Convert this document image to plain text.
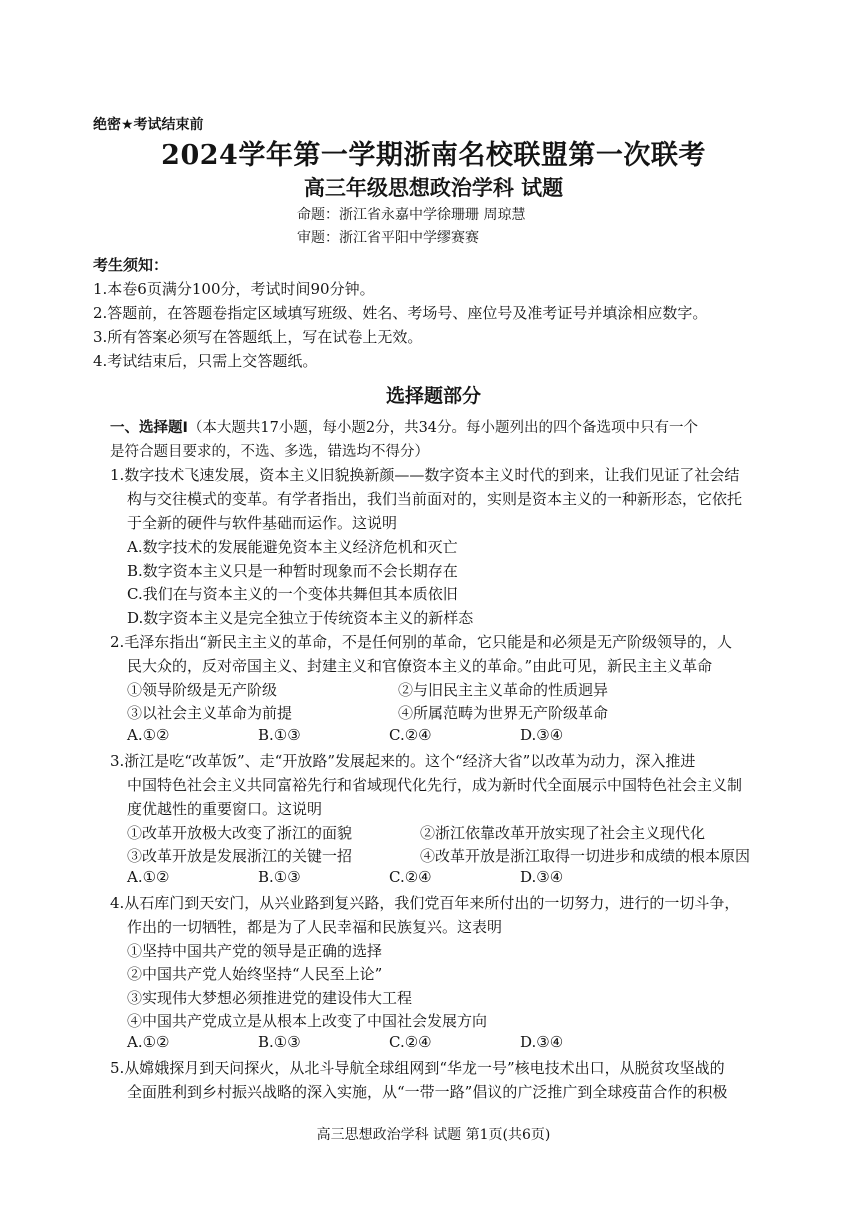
绝密★考试结束前
2024学年第一学期浙南名校联盟第一次联考
高三年级思想政治学科 试题
命题：浙江省永嘉中学徐珊珊 周琼慧
审题：浙江省平阳中学缪赛赛
考生须知：
1.本卷6页满分100分，考试时间90分钟。
2.答题前，在答题卷指定区域填写班级、姓名、考场号、座位号及准考证号并填涂相应数字。
3.所有答案必须写在答题纸上，写在试卷上无效。
4.考试结束后，只需上交答题纸。
选择题部分
一、选择题Ⅰ（本大题共17小题，每小题2分，共34分。每小题列出的四个备选项中只有一个
是符合题目要求的，不选、多选，错选均不得分）
1.数字技术飞速发展，资本主义旧貌换新颜——数字资本主义时代的到来，让我们见证了社会结
构与交往模式的变革。有学者指出，我们当前面对的，实则是资本主义的一种新形态，它依托
于全新的硬件与软件基础而运作。这说明
A.数字技术的发展能避免资本主义经济危机和灭亡
B.数字资本主义只是一种暂时现象而不会长期存在
C.我们在与资本主义的一个变体共舞但其本质依旧
D.数字资本主义是完全独立于传统资本主义的新样态
2.毛泽东指出“新民主主义的革命，不是任何别的革命，它只能是和必须是无产阶级领导的，人
民大众的，反对帝国主义、封建主义和官僚资本主义的革命。”由此可见，新民主主义革命
①领导阶级是无产阶级	②与旧民主主义革命的性质迥异
③以社会主义革命为前提	④所属范畴为世界无产阶级革命
A.①②	B.①③	C.②④	D.③④
3.浙江是吃“改革饭”、走“开放路”发展起来的。这个“经济大省”以改革为动力，深入推进
中国特色社会主义共同富裕先行和省域现代化先行，成为新时代全面展示中国特色社会主义制
度优越性的重要窗口。这说明
①改革开放极大改变了浙江的面貌	②浙江依靠改革开放实现了社会主义现代化
③改革开放是发展浙江的关键一招	④改革开放是浙江取得一切进步和成绩的根本原因
A.①②	B.①③	C.②④	D.③④
4.从石库门到天安门，从兴业路到复兴路，我们党百年来所付出的一切努力，进行的一切斗争，
作出的一切牺牲，都是为了人民幸福和民族复兴。这表明
①坚持中国共产党的领导是正确的选择
②中国共产党人始终坚持“人民至上论”
③实现伟大梦想必须推进党的建设伟大工程
④中国共产党成立是从根本上改变了中国社会发展方向
A.①②	B.①③	C.②④	D.③④
5.从嫦娥探月到天问探火，从北斗导航全球组网到“华龙一号”核电技术出口，从脱贫攻坚战的
全面胜利到乡村振兴战略的深入实施，从“一带一路”倡议的广泛推广到全球疫苗合作的积极
高三思想政治学科 试题 第1页(共6页)
